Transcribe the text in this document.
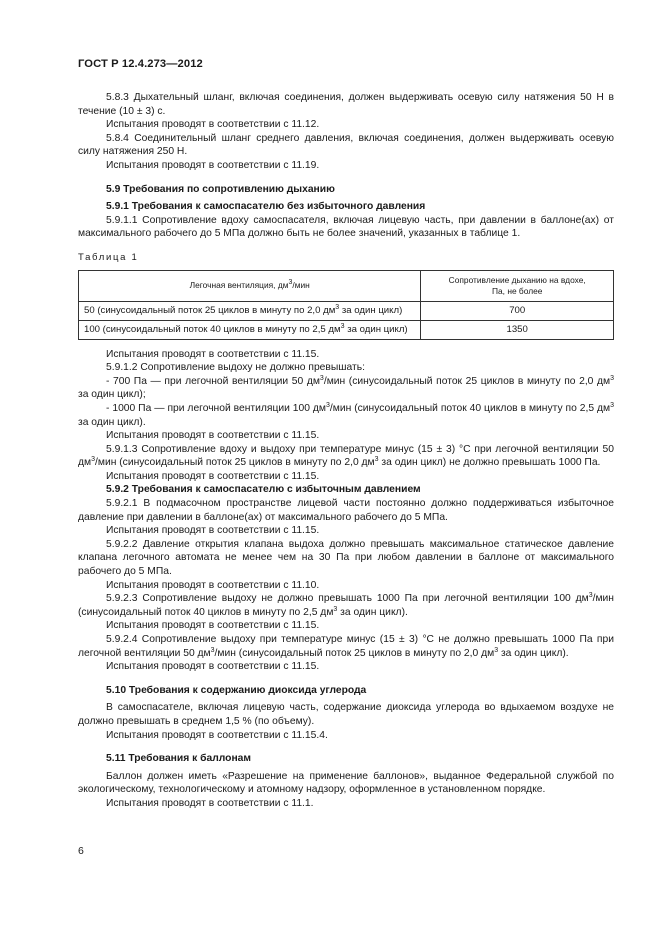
ГОСТ Р 12.4.273—2012

5.8.3 Дыхательный шланг, включая соединения, должен выдерживать осевую силу натяжения 50 Н в течение (10 ± 3) с.

Испытания проводят в соответствии с 11.12.

5.8.4 Соединительный шланг среднего давления, включая соединения, должен выдерживать осевую силу натяжения 250 Н.

Испытания проводят в соответствии с 11.19.

5.9 Требования по сопротивлению дыханию

5.9.1 Требования к самоспасателю без избыточного давления

5.9.1.1 Сопротивление вдоху самоспасателя, включая лицевую часть, при давлении в баллоне(ах) от максимального рабочего до 5 МПа должно быть не более значений, указанных в таблице 1.

Таблица 1
Легочная вентиляция, $дм^3$/мин	Сопротивление дыханию на вдохе,
Па, не более
50 (синусоидальный поток 25 циклов в минуту по 2,0 $дм^3$ за один цикл)	700
100 (синусоидальный поток 40 циклов в минуту по 2,5 $дм^3$ за один цикл)	1350

Испытания проводят в соответствии с 11.15.

5.9.1.2 Сопротивление выдоху не должно превышать:

- 700 Па — при легочной вентиляции 50 $дм^3$/мин (синусоидальный поток 25 циклов в минуту по 2,0 $дм^3$ за один цикл);

- 1000 Па — при легочной вентиляции 100 $дм^3$/мин (синусоидальный поток 40 циклов в минуту по 2,5 $дм^3$ за один цикл).

Испытания проводят в соответствии с 11.15.

5.9.1.3 Сопротивление вдоху и выдоху при температуре минус (15 ± 3) °С при легочной вентиляции 50 $дм^3$/мин (синусоидальный поток 25 циклов в минуту по 2,0 $дм^3$ за один цикл) не должно превышать 1000 Па.

Испытания проводят в соответствии с 11.15.

5.9.2 Требования к самоспасателю с избыточным давлением

5.9.2.1 В подмасочном пространстве лицевой части постоянно должно поддерживаться избыточное давление при давлении в баллоне(ах) от максимального рабочего до 5 МПа.

Испытания проводят в соответствии с 11.15.

5.9.2.2 Давление открытия клапана выдоха должно превышать максимальное статическое давление клапана легочного автомата не менее чем на 30 Па при любом давлении в баллоне от максимального рабочего до 5 МПа.

Испытания проводят в соответствии с 11.10.

5.9.2.3 Сопротивление выдоху не должно превышать 1000 Па при легочной вентиляции 100 $дм^3$/мин (синусоидальный поток 40 циклов в минуту по 2,5 $дм^3$ за один цикл).

Испытания проводят в соответствии с 11.15.

5.9.2.4 Сопротивление выдоху при температуре минус (15 ± 3) °С не должно превышать 1000 Па при легочной вентиляции 50 $дм^3$/мин (синусоидальный поток 25 циклов в минуту по 2,0 $дм^3$ за один цикл).

Испытания проводят в соответствии с 11.15.

5.10 Требования к содержанию диоксида углерода

В самоспасателе, включая лицевую часть, содержание диоксида углерода во вдыхаемом воздухе не должно превышать в среднем 1,5 % (по объему).

Испытания проводят в соответствии с 11.15.4.

5.11 Требования к баллонам

Баллон должен иметь «Разрешение на применение баллонов», выданное Федеральной службой по экологическому, технологическому и атомному надзору, оформленное в установленном порядке.

Испытания проводят в соответствии с 11.1.

6
